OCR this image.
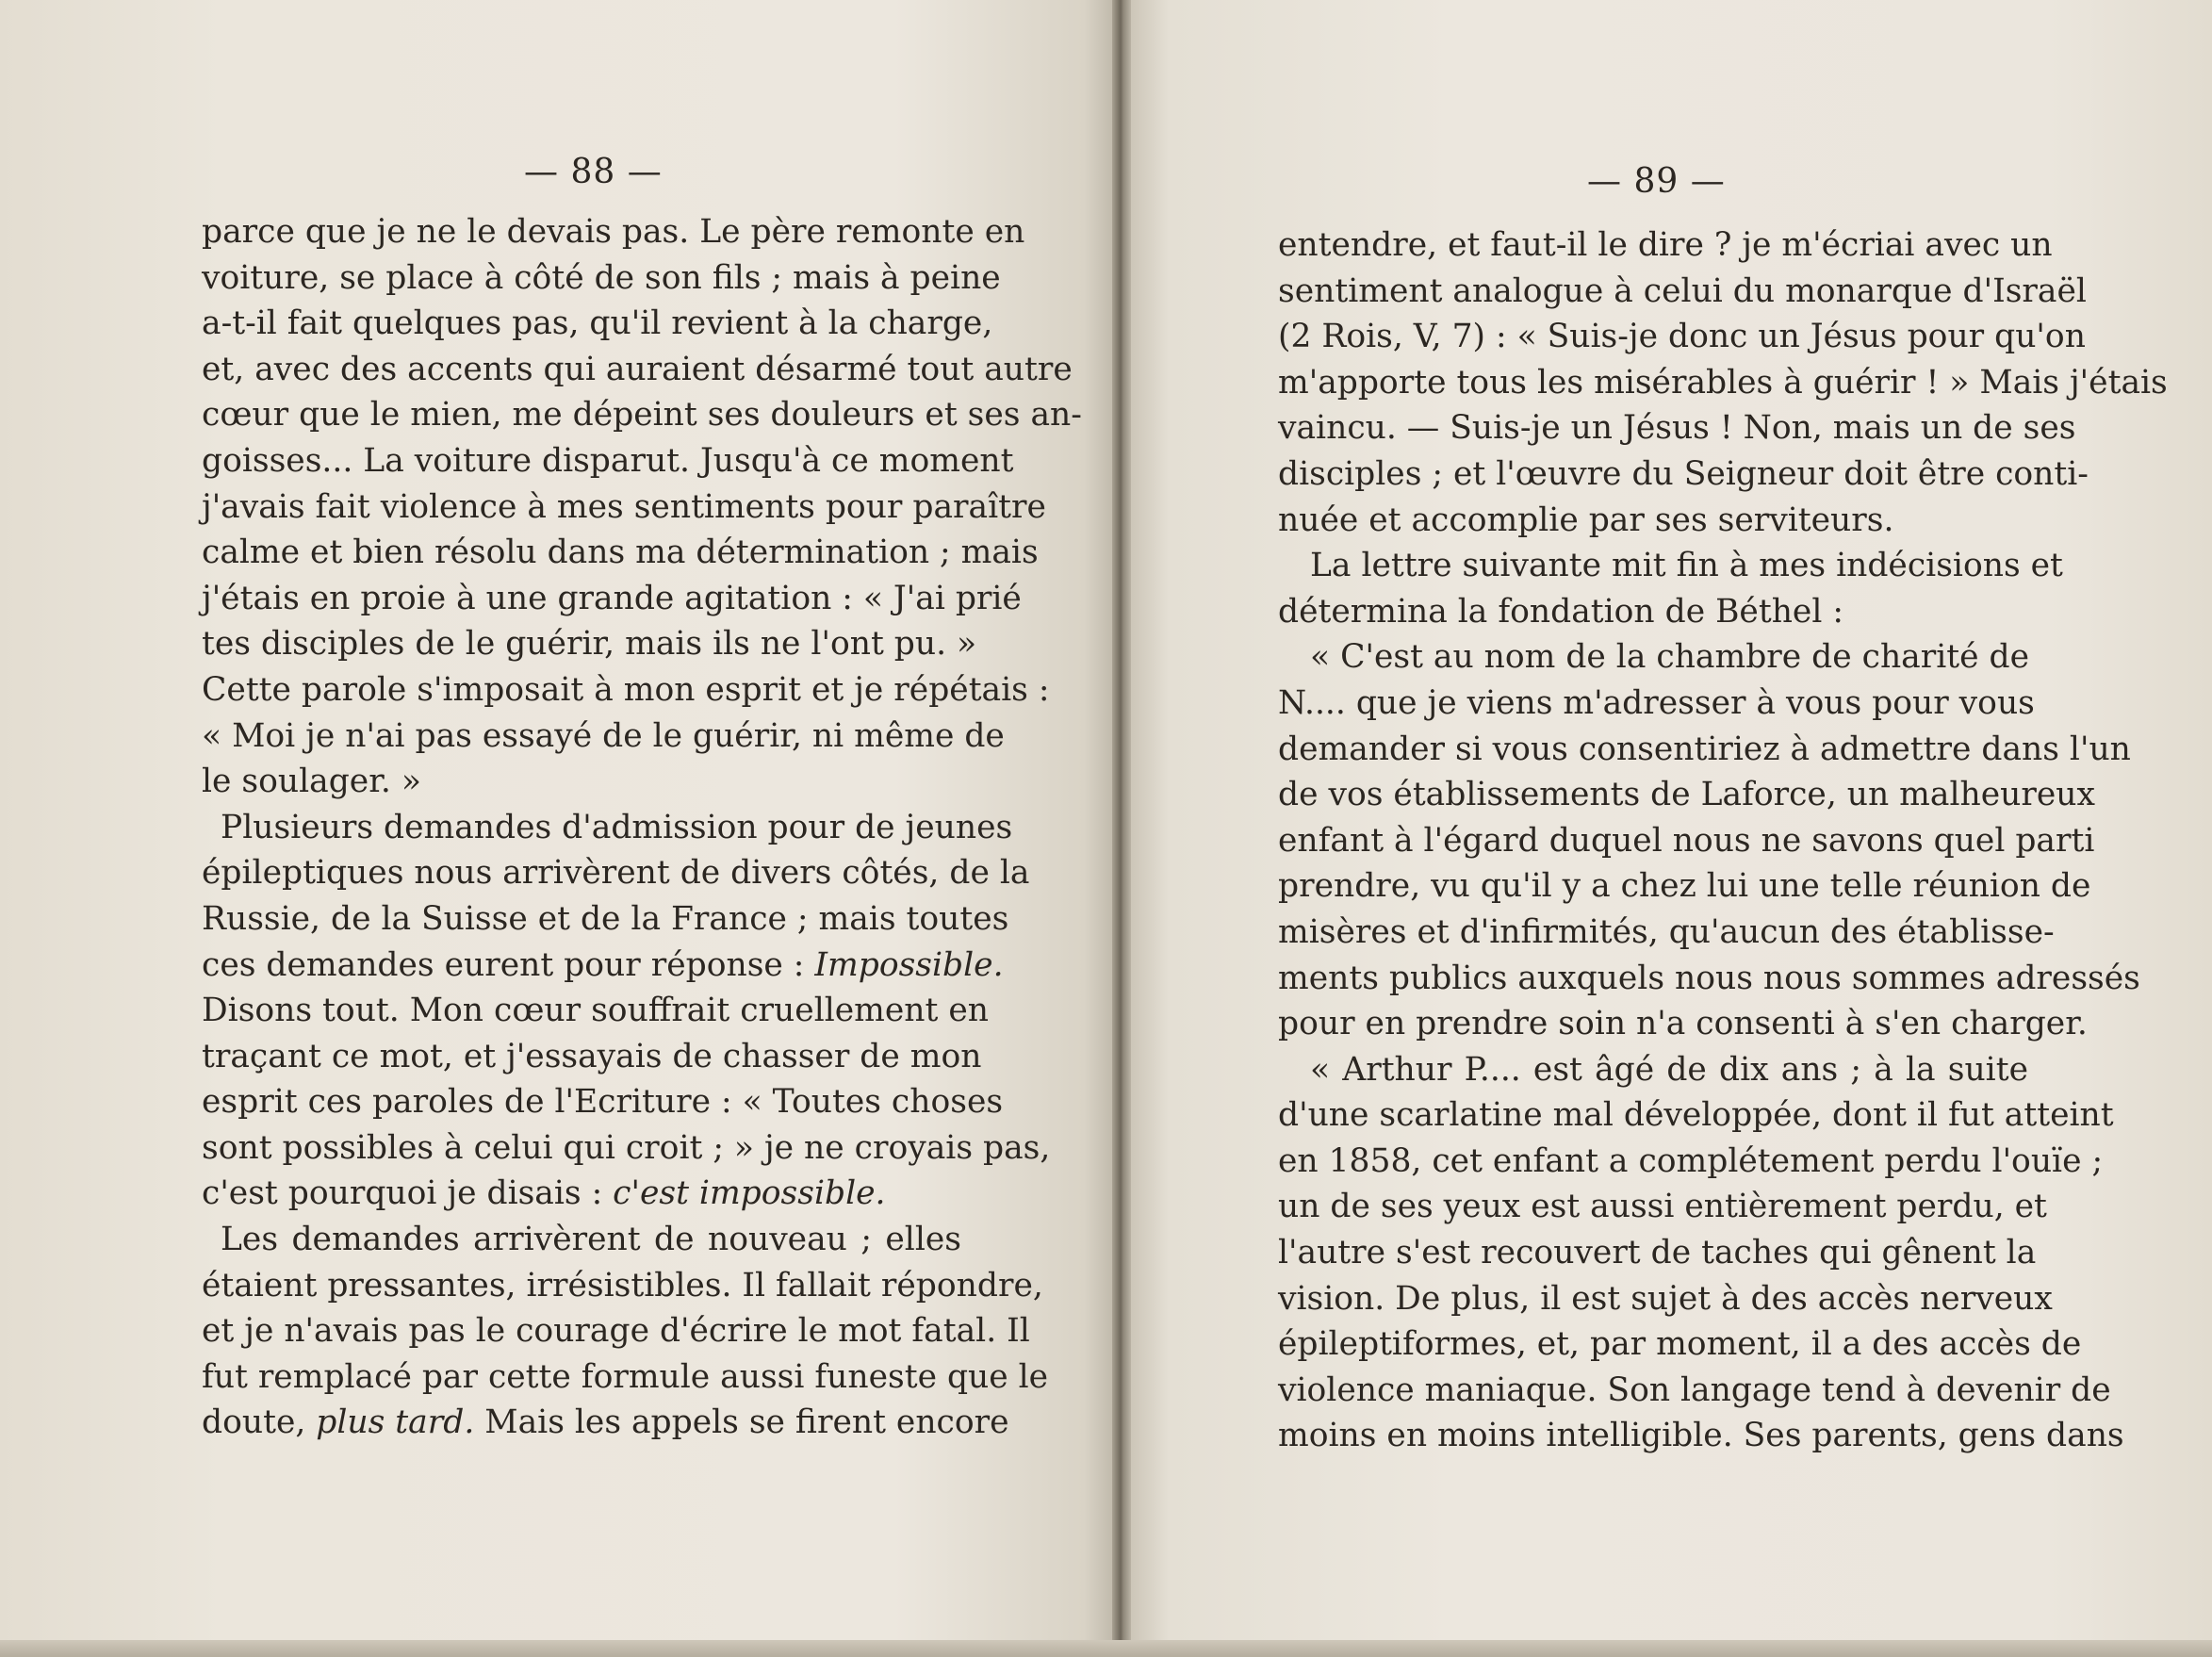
— 88 —
parce que je ne le devais pas. Le père remonte en
voiture, se place à côté de son fils ; mais à peine
a-t-il fait quelques pas, qu'il revient à la charge,
et, avec des accents qui auraient désarmé tout autre
cœur que le mien, me dépeint ses douleurs et ses an-
goisses... La voiture disparut. Jusqu'à ce moment
j'avais fait violence à mes sentiments pour paraître
calme et bien résolu dans ma détermination ; mais
j'étais en proie à une grande agitation : « J'ai prié
tes disciples de le guérir, mais ils ne l'ont pu. »
Cette parole s'imposait à mon esprit et je répétais :
« Moi je n'ai pas essayé de le guérir, ni même de
le soulager. »
Plusieurs demandes d'admission pour de jeunes
épileptiques nous arrivèrent de divers côtés, de la
Russie, de la Suisse et de la France ; mais toutes
ces demandes eurent pour réponse : Impossible.
Disons tout. Mon cœur souffrait cruellement en
traçant ce mot, et j'essayais de chasser de mon
esprit ces paroles de l'Ecriture : « Toutes choses
sont possibles à celui qui croit ; » je ne croyais pas,
c'est pourquoi je disais : c'est impossible.
Les demandes arrivèrent de nouveau ; elles
étaient pressantes, irrésistibles. Il fallait répondre,
et je n'avais pas le courage d'écrire le mot fatal. Il
fut remplacé par cette formule aussi funeste que le
doute, plus tard. Mais les appels se firent encore
— 89 —
entendre, et faut-il le dire ? je m'écriai avec un
sentiment analogue à celui du monarque d'Israël
(2 Rois, V, 7) : « Suis-je donc un Jésus pour qu'on
m'apporte tous les misérables à guérir ! » Mais j'étais
vaincu. — Suis-je un Jésus ! Non, mais un de ses
disciples ; et l'œuvre du Seigneur doit être conti-
nuée et accomplie par ses serviteurs.
La lettre suivante mit fin à mes indécisions et
détermina la fondation de Béthel :
« C'est au nom de la chambre de charité de
N.... que je viens m'adresser à vous pour vous
demander si vous consentiriez à admettre dans l'un
de vos établissements de Laforce, un malheureux
enfant à l'égard duquel nous ne savons quel parti
prendre, vu qu'il y a chez lui une telle réunion de
misères et d'infirmités, qu'aucun des établisse-
ments publics auxquels nous nous sommes adressés
pour en prendre soin n'a consenti à s'en charger.
« Arthur P.... est âgé de dix ans ; à la suite
d'une scarlatine mal développée, dont il fut atteint
en 1858, cet enfant a complétement perdu l'ouïe ;
un de ses yeux est aussi entièrement perdu, et
l'autre s'est recouvert de taches qui gênent la
vision. De plus, il est sujet à des accès nerveux
épileptiformes, et, par moment, il a des accès de
violence maniaque. Son langage tend à devenir de
moins en moins intelligible. Ses parents, gens dans
